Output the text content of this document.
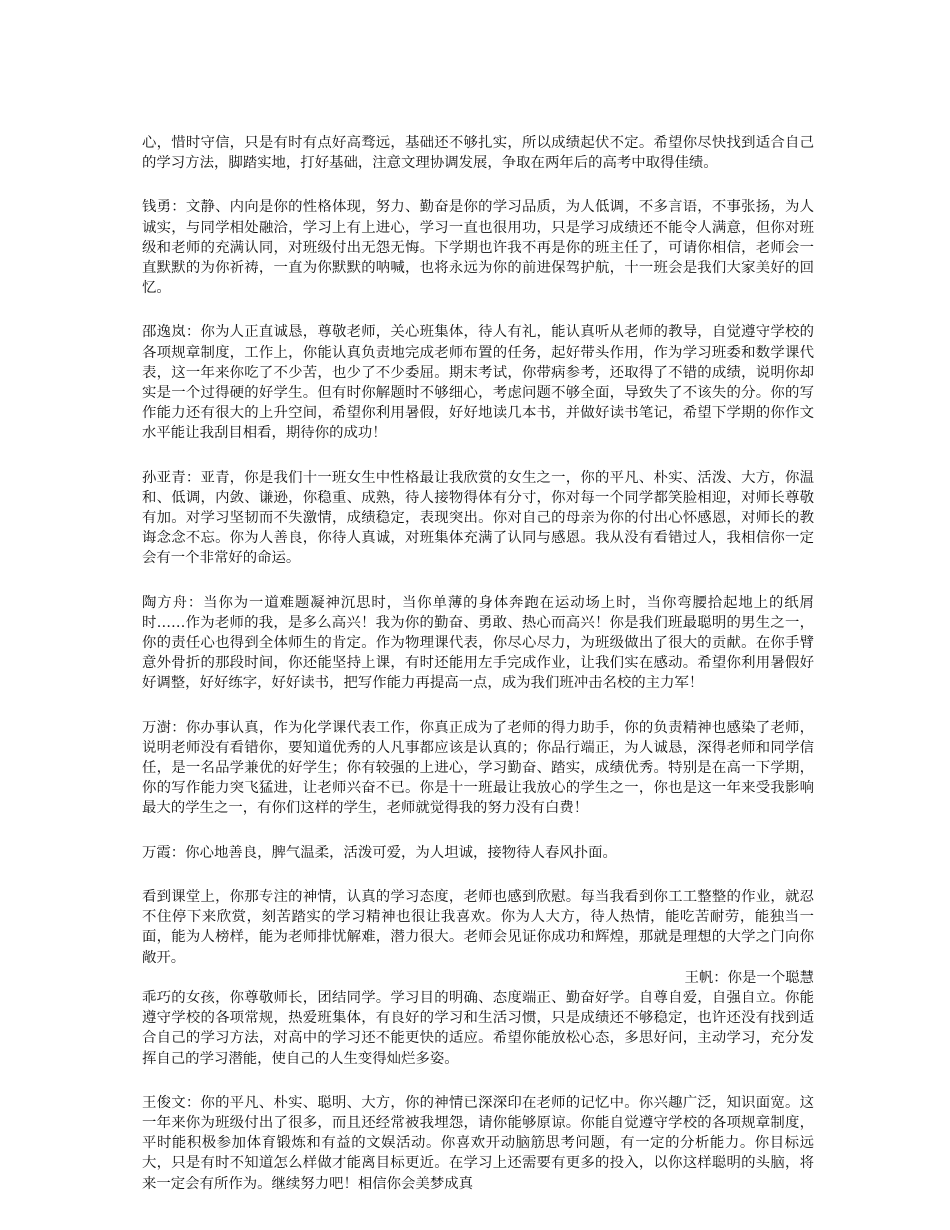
心，惜时守信，只是有时有点好高骛远，基础还不够扎实，所以成绩起伏不定。希望你尽快找到适合自己的学习方法，脚踏实地，打好基础，注意文理协调发展，争取在两年后的高考中取得佳绩。

钱勇：文静、内向是你的性格体现，努力、勤奋是你的学习品质，为人低调，不多言语，不事张扬，为人诚实，与同学相处融洽，学习上有上进心，学习一直也很用功，只是学习成绩还不能令人满意，但你对班级和老师的充满认同，对班级付出无怨无悔。下学期也许我不再是你的班主任了，可请你相信，老师会一直默默的为你祈祷，一直为你默默的呐喊，也将永远为你的前进保驾护航，十一班会是我们大家美好的回忆。

邵逸岚：你为人正直诚恳，尊敬老师，关心班集体，待人有礼，能认真听从老师的教导，自觉遵守学校的各项规章制度，工作上，你能认真负责地完成老师布置的任务，起好带头作用，作为学习班委和数学课代表，这一年来你吃了不少苦，也少了不少委屈。期末考试，你带病参考，还取得了不错的成绩，说明你却实是一个过得硬的好学生。但有时你解题时不够细心，考虑问题不够全面，导致失了不该失的分。你的写作能力还有很大的上升空间，希望你利用暑假，好好地读几本书，并做好读书笔记，希望下学期的你作文水平能让我刮目相看，期待你的成功！

孙亚青：亚青，你是我们十一班女生中性格最让我欣赏的女生之一，你的平凡、朴实、活泼、大方，你温和、低调，内敛、谦逊，你稳重、成熟，待人接物得体有分寸，你对每一个同学都笑脸相迎，对师长尊敬有加。对学习坚韧而不失激情，成绩稳定，表现突出。你对自己的母亲为你的付出心怀感恩，对师长的教诲念念不忘。你为人善良，你待人真诚，对班集体充满了认同与感恩。我从没有看错过人，我相信你一定会有一个非常好的命运。

陶方舟：当你为一道难题凝神沉思时，当你单薄的身体奔跑在运动场上时，当你弯腰拾起地上的纸屑时……作为老师的我，是多么高兴！我为你的勤奋、勇敢、热心而高兴！你是我们班最聪明的男生之一，你的责任心也得到全体师生的肯定。作为物理课代表，你尽心尽力，为班级做出了很大的贡献。在你手臂意外骨折的那段时间，你还能坚持上课，有时还能用左手完成作业，让我们实在感动。希望你利用暑假好好调整，好好练字，好好读书，把写作能力再提高一点，成为我们班冲击名校的主力军！

万澍：你办事认真，作为化学课代表工作，你真正成为了老师的得力助手，你的负责精神也感染了老师，说明老师没有看错你，要知道优秀的人凡事都应该是认真的；你品行端正，为人诚恳，深得老师和同学信任，是一名品学兼优的好学生；你有较强的上进心，学习勤奋、踏实，成绩优秀。特别是在高一下学期，你的写作能力突飞猛进，让老师兴奋不已。你是十一班最让我放心的学生之一，你也是这一年来受我影响最大的学生之一，有你们这样的学生，老师就觉得我的努力没有白费！

万霞：你心地善良，脾气温柔，活泼可爱，为人坦诚，接物待人春风扑面。

看到课堂上，你那专注的神情，认真的学习态度，老师也感到欣慰。每当我看到你工工整整的作业，就忍不住停下来欣赏，刻苦踏实的学习精神也很让我喜欢。你为人大方，待人热情，能吃苦耐劳，能独当一面，能为人榜样，能为老师排忧解难，潜力很大。老师会见证你成功和辉煌，那就是理想的大学之门向你敞开。

王帆：你是一个聪慧

乖巧的女孩，你尊敬师长，团结同学。学习目的明确、态度端正、勤奋好学。自尊自爱，自强自立。你能遵守学校的各项常规，热爱班集体，有良好的学习和生活习惯，只是成绩还不够稳定，也许还没有找到适合自己的学习方法，对高中的学习还不能更快的适应。希望你能放松心态，多思好问，主动学习，充分发挥自己的学习潜能，使自己的人生变得灿烂多姿。

王俊文：你的平凡、朴实、聪明、大方，你的神情已深深印在老师的记忆中。你兴趣广泛，知识面宽。这一年来你为班级付出了很多，而且还经常被我埋怨，请你能够原谅。你能自觉遵守学校的各项规章制度，平时能积极参加体育锻炼和有益的文娱活动。你喜欢开动脑筋思考问题，有一定的分析能力。你目标远大，只是有时不知道怎么样做才能离目标更近。在学习上还需要有更多的投入，以你这样聪明的头脑，将来一定会有所作为。继续努力吧！相信你会美梦成真
